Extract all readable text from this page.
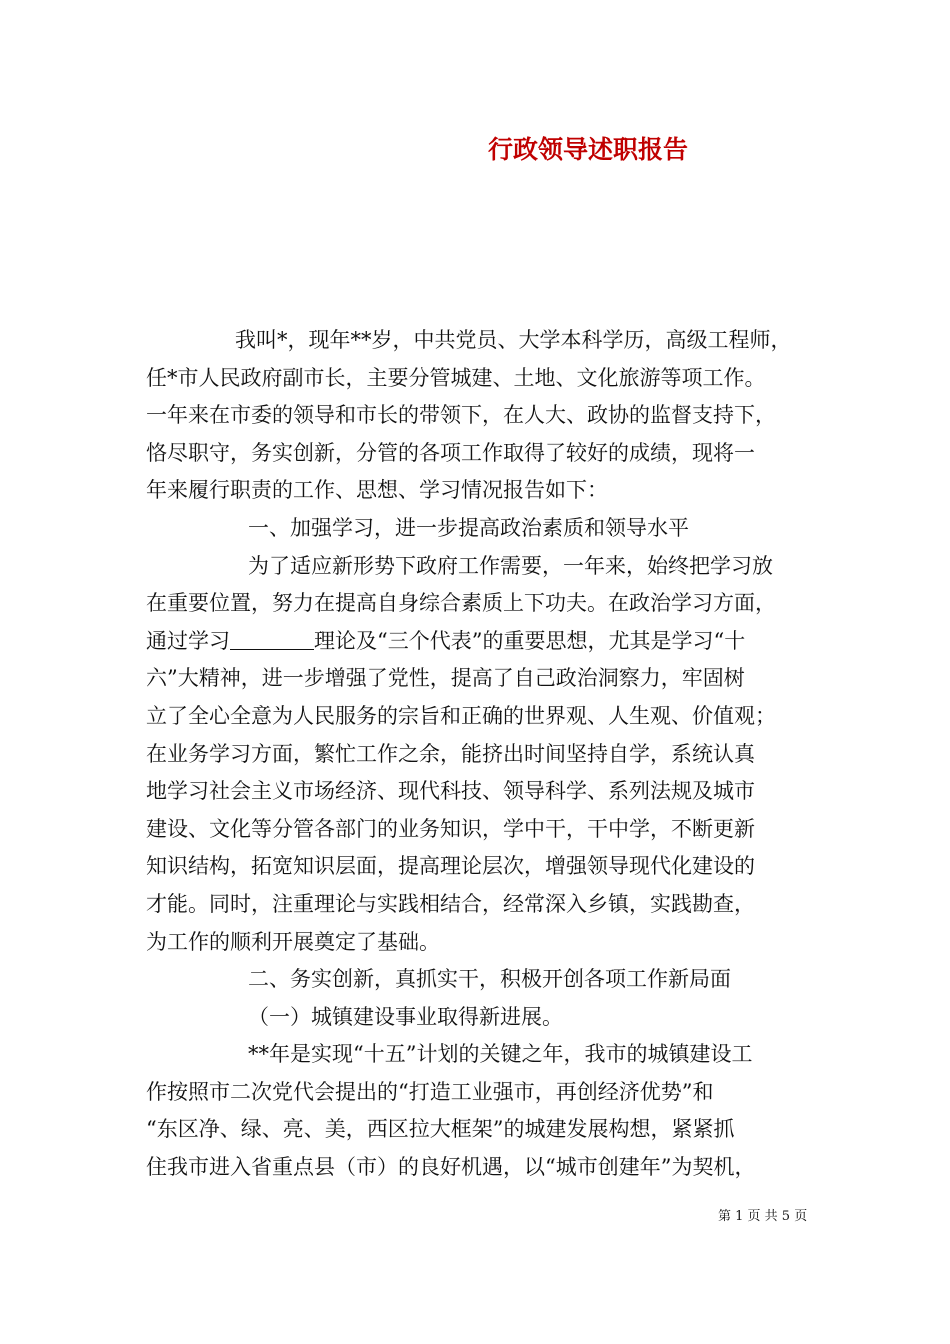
行政领导述职报告
我叫*，现年**岁，中共党员、大学本科学历，高级工程师，
任*市人民政府副市长，主要分管城建、土地、文化旅游等项工作。
一年来在市委的领导和市长的带领下，在人大、政协的监督支持下，
恪尽职守，务实创新，分管的各项工作取得了较好的成绩，现将一
年来履行职责的工作、思想、学习情况报告如下：
一、加强学习，进一步提高政治素质和领导水平
为了适应新形势下政府工作需要，一年来，始终把学习放
在重要位置，努力在提高自身综合素质上下功夫。在政治学习方面，
通过学习	理论及“三个代表”的重要思想，尤其是学习“十
六”大精神，进一步增强了党性，提高了自己政治洞察力，牢固树
立了全心全意为人民服务的宗旨和正确的世界观、人生观、价值观；
在业务学习方面，繁忙工作之余，能挤出时间坚持自学，系统认真
地学习社会主义市场经济、现代科技、领导科学、系列法规及城市
建设、文化等分管各部门的业务知识，学中干，干中学，不断更新
知识结构，拓宽知识层面，提高理论层次，增强领导现代化建设的
才能。同时，注重理论与实践相结合，经常深入乡镇，实践勘查，
为工作的顺利开展奠定了基础。
二、务实创新，真抓实干，积极开创各项工作新局面
（一）城镇建设事业取得新进展。
**年是实现“十五”计划的关键之年，我市的城镇建设工
作按照市二次党代会提出的“打造工业强市，再创经济优势”和
“东区净、绿、亮、美，西区拉大框架”的城建发展构想，紧紧抓
住我市进入省重点县（市）的良好机遇，以“城市创建年”为契机，
第 1 页 共 5 页
